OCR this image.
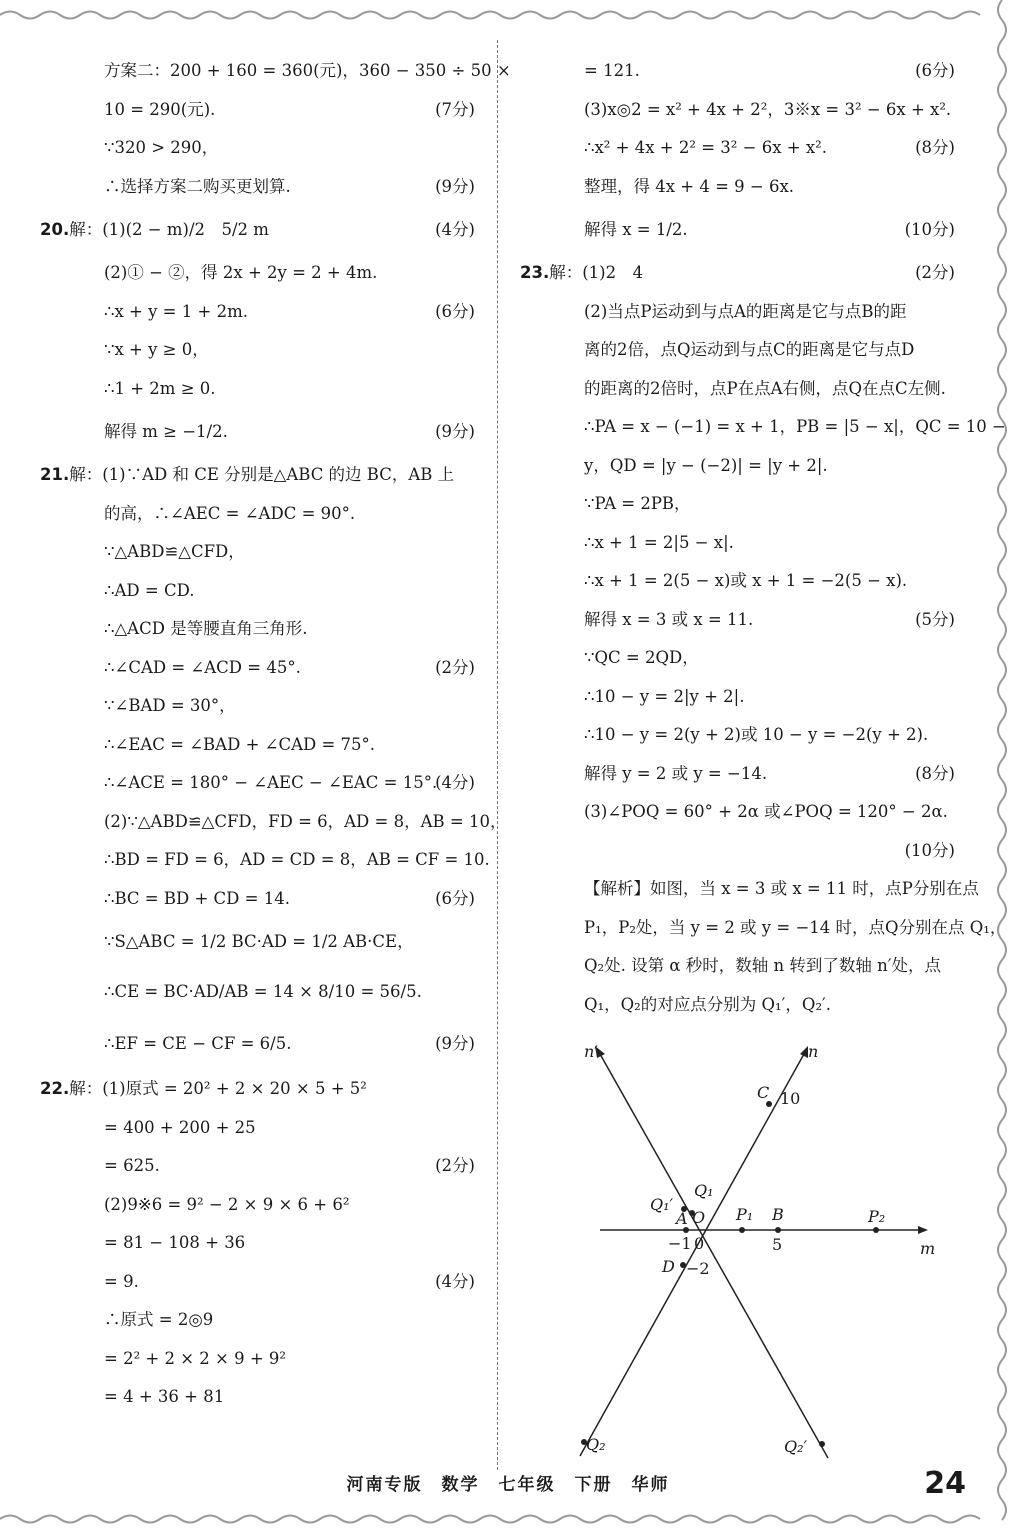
方案二：200 + 160 = 360(元)，360 − 350 ÷ 50 ×
10 = 290(元).	(7分)
∵320 > 290，
∴选择方案二购买更划算.	(9分)
20.解：(1)(2 − m)/2　5/2 m	(4分)
(2)① − ②，得 2x + 2y = 2 + 4m.
∴x + y = 1 + 2m.	(6分)
∵x + y ≥ 0，
∴1 + 2m ≥ 0.
解得 m ≥ −1/2.	(9分)
21.解：(1)∵AD 和 CE 分别是△ABC 的边 BC，AB 上
的高，∴∠AEC = ∠ADC = 90°.
∵△ABD≌△CFD，
∴AD = CD.
∴△ACD 是等腰直角三角形.
∴∠CAD = ∠ACD = 45°.	(2分)
∵∠BAD = 30°，
∴∠EAC = ∠BAD + ∠CAD = 75°.
∴∠ACE = 180° − ∠AEC − ∠EAC = 15°.
(4分)
(2)∵△ABD≌△CFD，FD = 6，AD = 8，AB = 10，
∴BD = FD = 6，AD = CD = 8，AB = CF = 10.
∴BC = BD + CD = 14.	(6分)
∵S△ABC = 1/2 BC·AD = 1/2 AB·CE，
∴CE = BC·AD/AB = 14 × 8/10 = 56/5.
∴EF = CE − CF = 6/5.	(9分)
22.解：(1)原式 = 20² + 2 × 20 × 5 + 5²
= 400 + 200 + 25
= 625.	(2分)
(2)9※6 = 9² − 2 × 9 × 6 + 6²
= 81 − 108 + 36
= 9.	(4分)
∴原式 = 2◎9
= 2² + 2 × 2 × 9 + 9²
= 4 + 36 + 81
= 121.	(6分)
(3)x◎2 = x² + 4x + 2²，3※x = 3² − 6x + x².
∴x² + 4x + 2² = 3² − 6x + x².	(8分)
整理，得 4x + 4 = 9 − 6x.
解得 x = 1/2.	(10分)
23.解：(1)2　4	(2分)
(2)当点P运动到与点A的距离是它与点B的距
离的2倍，点Q运动到与点C的距离是它与点D
的距离的2倍时，点P在点A右侧，点Q在点C左侧.
∴PA = x − (−1) = x + 1，PB = |5 − x|，QC = 10 −
y，QD = |y − (−2)| = |y + 2|.
∵PA = 2PB，
∴x + 1 = 2|5 − x|.
∴x + 1 = 2(5 − x)或 x + 1 = −2(5 − x).
解得 x = 3 或 x = 11.	(5分)
∵QC = 2QD，
∴10 − y = 2|y + 2|.
∴10 − y = 2(y + 2)或 10 − y = −2(y + 2).
解得 y = 2 或 y = −14.	(8分)
(3)∠POQ = 60° + 2α 或∠POQ = 120° − 2α.
(10分)
【解析】如图，当 x = 3 或 x = 11 时，点P分别在点
P₁，P₂处，当 y = 2 或 y = −14 时，点Q分别在点 Q₁，
Q₂处. 设第 α 秒时，数轴 n 转到了数轴 n′处，点
Q₁，Q₂的对应点分别为 Q₁′，Q₂′.
n′	n
C 10
Q₁′
Q₁
A O P₁ B	P₂
m
−1 0	5
D −2
Q₂	Q₂′
河南专版　数学　七年级　下册　华师	24
